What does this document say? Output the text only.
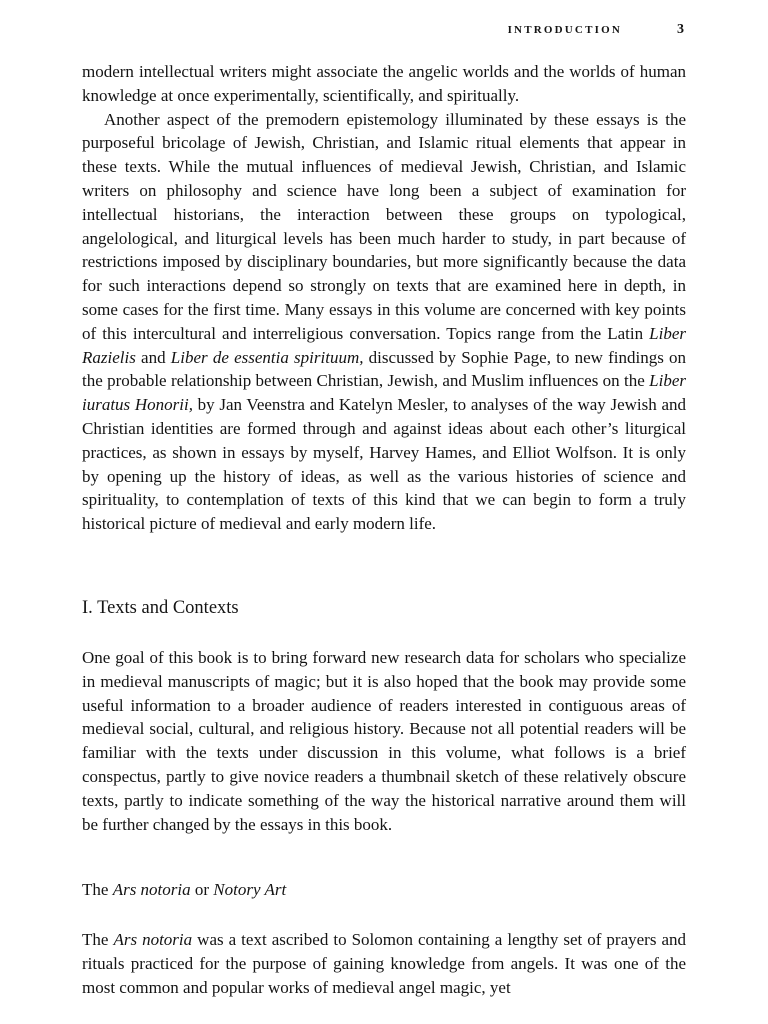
INTRODUCTION	3

modern intellectual writers might associate the angelic worlds and the worlds of human knowledge at once experimentally, scientifically, and spiritually.

Another aspect of the premodern epistemology illuminated by these essays is the purposeful bricolage of Jewish, Christian, and Islamic ritual elements that appear in these texts. While the mutual influences of medieval Jewish, Christian, and Islamic writers on philosophy and science have long been a subject of examination for intellectual historians, the interaction between these groups on typological, angelological, and liturgical levels has been much harder to study, in part because of restrictions imposed by disciplinary boundaries, but more significantly because the data for such interactions depend so strongly on texts that are examined here in depth, in some cases for the first time. Many essays in this volume are concerned with key points of this intercultural and interreligious conversation. Topics range from the Latin Liber Razielis and Liber de essentia spirituum, discussed by Sophie Page, to new findings on the probable relationship between Christian, Jewish, and Muslim influences on the Liber iuratus Honorii, by Jan Veenstra and Katelyn Mesler, to analyses of the way Jewish and Christian identities are formed through and against ideas about each other’s liturgical practices, as shown in essays by myself, Harvey Hames, and Elliot Wolfson. It is only by opening up the history of ideas, as well as the various histories of science and spirituality, to contemplation of texts of this kind that we can begin to form a truly historical picture of medieval and early modern life.

I. Texts and Contexts

One goal of this book is to bring forward new research data for scholars who specialize in medieval manuscripts of magic; but it is also hoped that the book may provide some useful information to a broader audience of readers interested in contiguous areas of medieval social, cultural, and religious history. Because not all potential readers will be familiar with the texts under discussion in this volume, what follows is a brief conspectus, partly to give novice readers a thumbnail sketch of these relatively obscure texts, partly to indicate something of the way the historical narrative around them will be further changed by the essays in this book.

The Ars notoria or Notory Art

The Ars notoria was a text ascribed to Solomon containing a lengthy set of prayers and rituals practiced for the purpose of gaining knowledge from angels. It was one of the most common and popular works of medieval angel magic, yet
